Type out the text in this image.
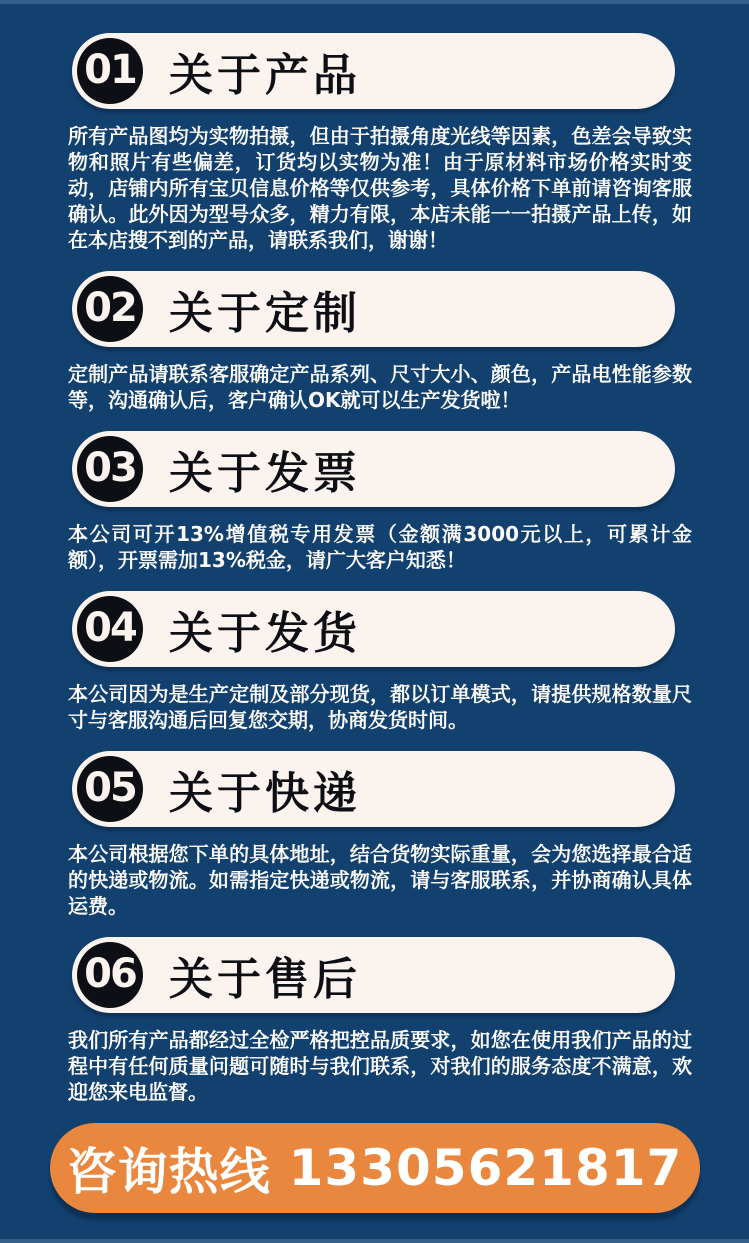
01 关于产品

所有产品图均为实物拍摄，但由于拍摄角度光线等因素，色差会导致实物和照片有些偏差，订货均以实物为准！由于原材料市场价格实时变动，店铺内所有宝贝信息价格等仅供参考，具体价格下单前请咨询客服确认。此外因为型号众多，精力有限，本店未能一一拍摄产品上传，如在本店搜不到的产品，请联系我们，谢谢！

02 关于定制

定制产品请联系客服确定产品系列、尺寸大小、颜色，产品电性能参数等，沟通确认后，客户确认OK就可以生产发货啦！

03 关于发票

本公司可开13%增值税专用发票（金额满3000元以上，可累计金额），开票需加13%税金，请广大客户知悉！

04 关于发货

本公司因为是生产定制及部分现货，都以订单模式，请提供规格数量尺寸与客服沟通后回复您交期，协商发货时间。

05 关于快递

本公司根据您下单的具体地址，结合货物实际重量，会为您选择最合适的快递或物流。如需指定快递或物流，请与客服联系，并协商确认具体运费。

06 关于售后

我们所有产品都经过全检严格把控品质要求，如您在使用我们产品的过程中有任何质量问题可随时与我们联系，对我们的服务态度不满意，欢迎您来电监督。

咨询热线 13305621817
